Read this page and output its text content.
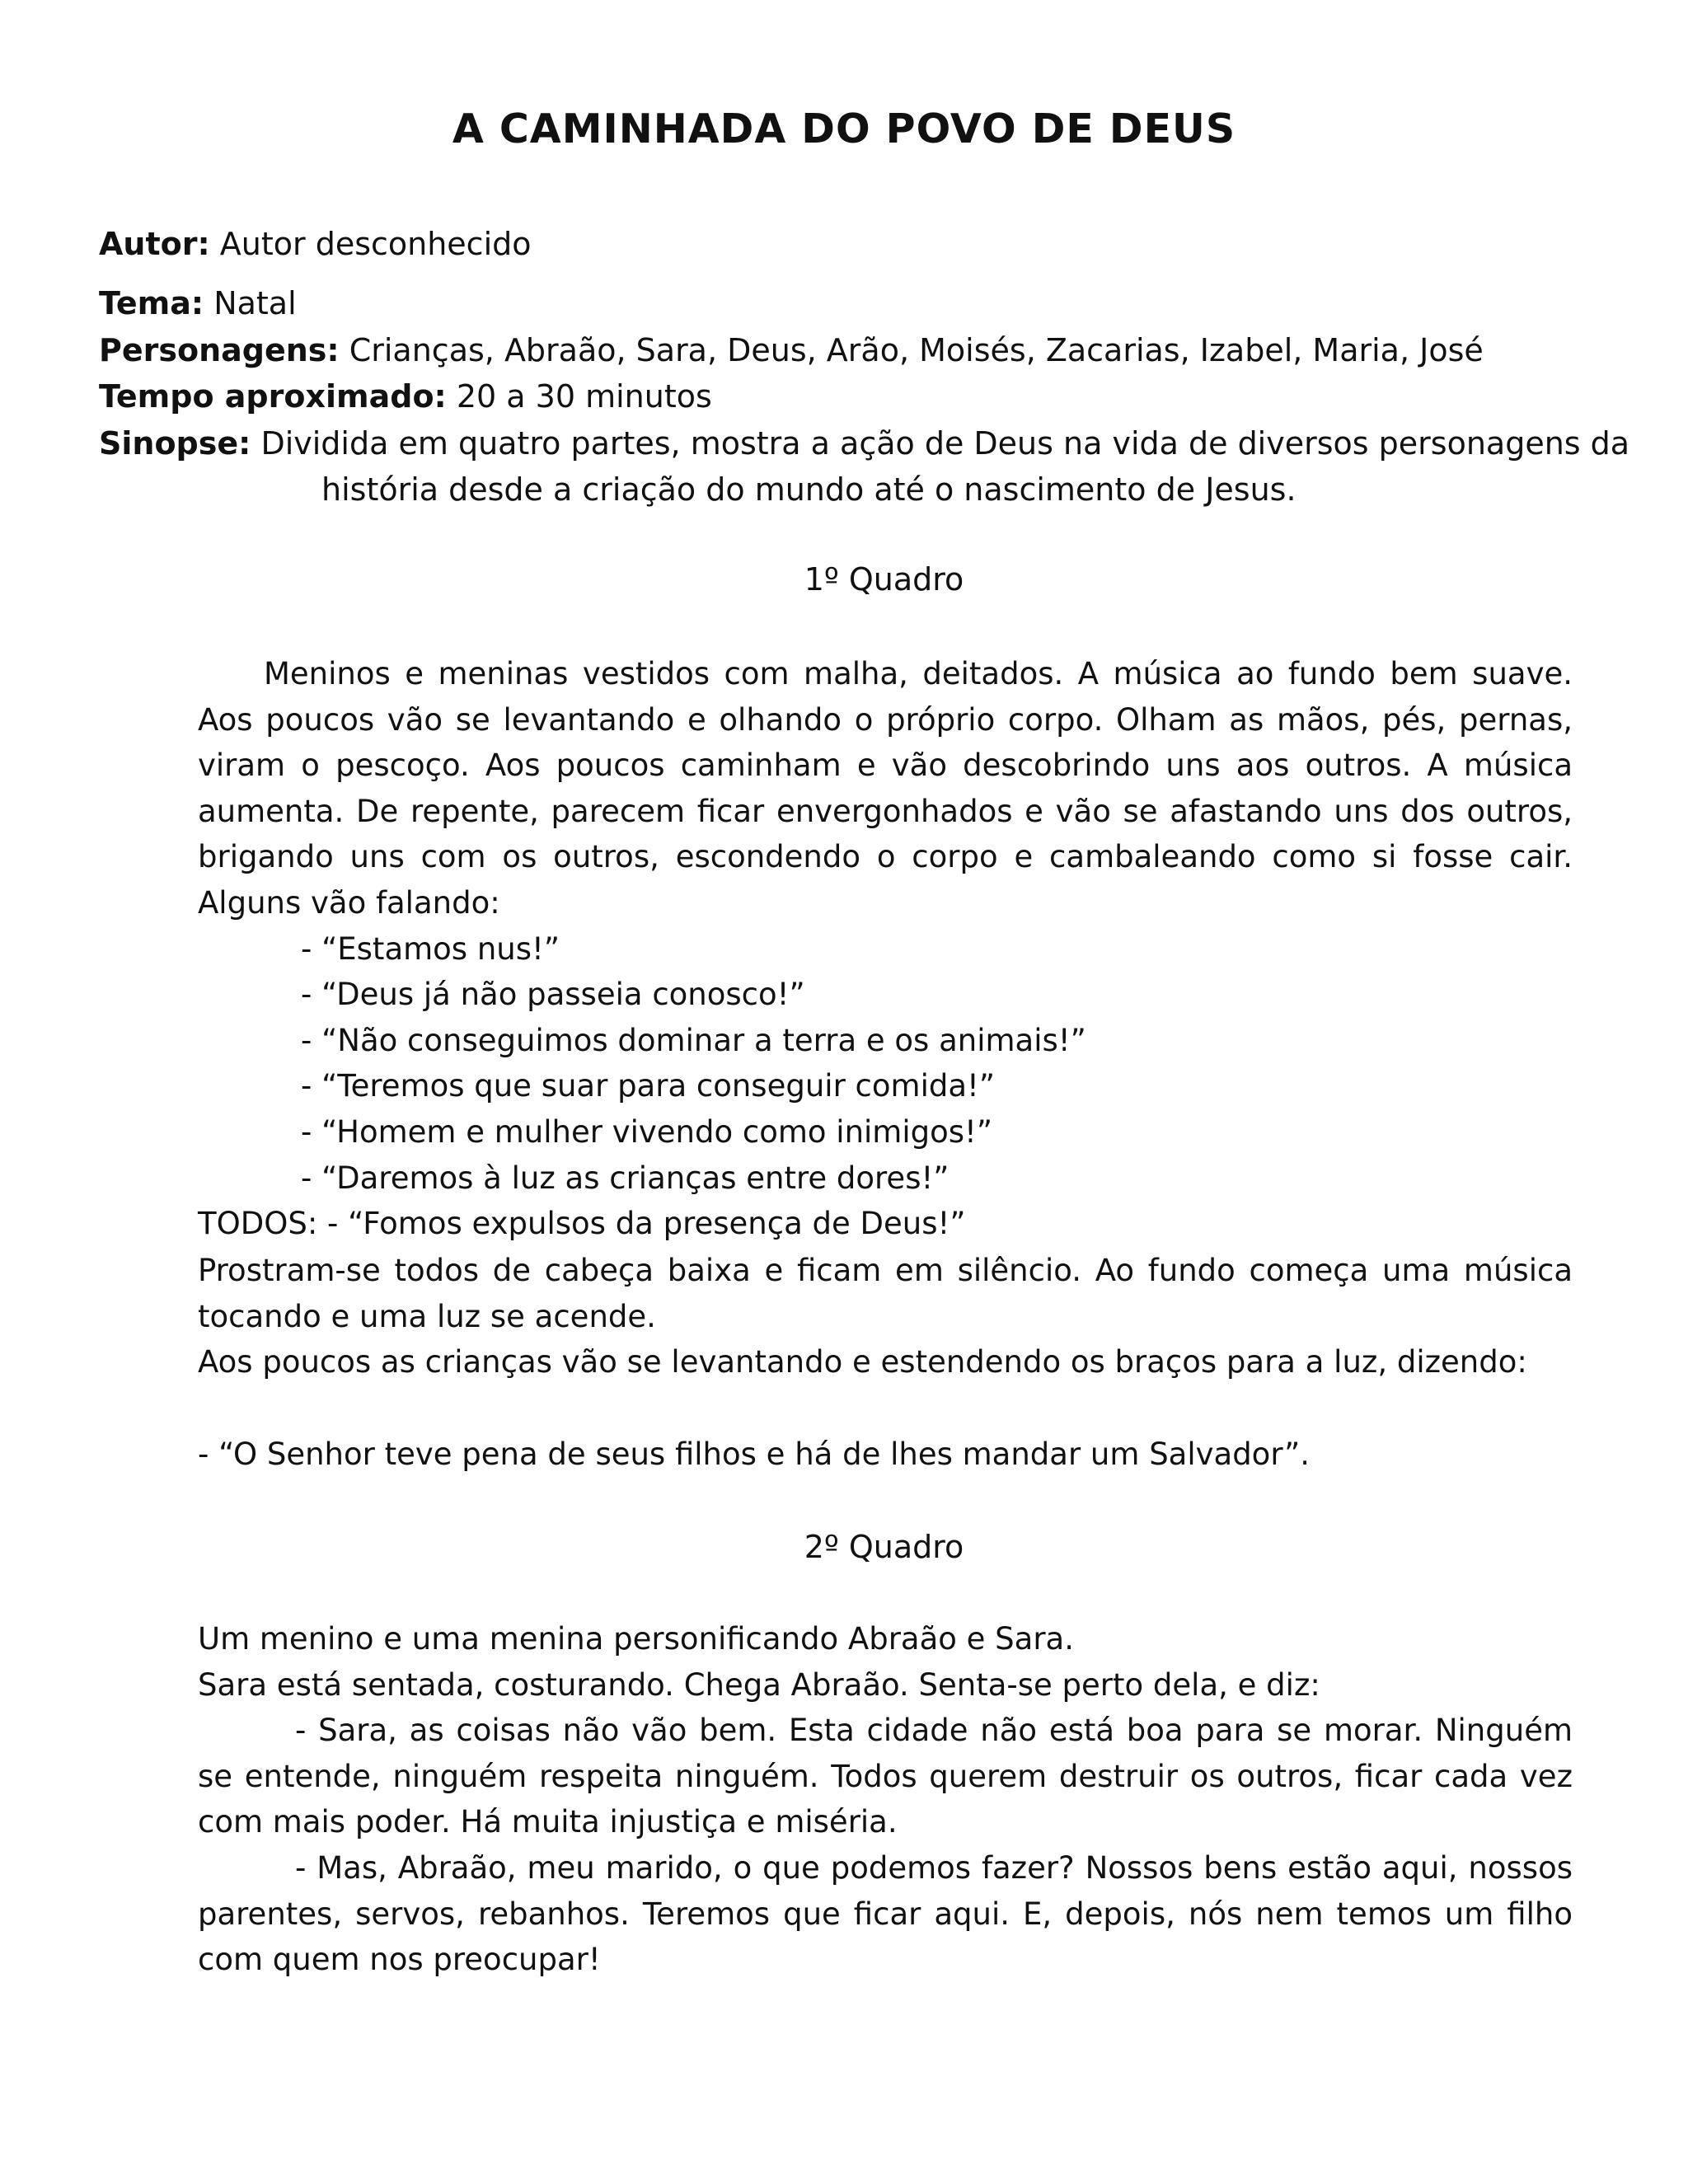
A CAMINHADA DO POVO DE DEUS
Autor: Autor desconhecido
Tema: Natal
Personagens: Crianças, Abraão, Sara, Deus, Arão, Moisés, Zacarias, Izabel, Maria, José
Tempo aproximado: 20 a 30 minutos
Sinopse: Dividida em quatro partes, mostra a ação de Deus na vida de diversos personagens da
história desde a criação do mundo até o nascimento de Jesus.
1º Quadro

Meninos e meninas vestidos com malha, deitados. A música ao fundo bem suave. Aos poucos vão se levantando e olhando o próprio corpo. Olham as mãos, pés, pernas, viram o pescoço. Aos poucos caminham e vão descobrindo uns aos outros. A música aumenta. De repente, parecem ficar envergonhados e vão se afastando uns dos outros, brigando uns com os outros, escondendo o corpo e cambaleando como si fosse cair. Alguns vão falando:

- “Estamos nus!”

- “Deus já não passeia conosco!”

- “Não conseguimos dominar a terra e os animais!”

- “Teremos que suar para conseguir comida!”

- “Homem e mulher vivendo como inimigos!”

- “Daremos à luz as crianças entre dores!”

TODOS: - “Fomos expulsos da presença de Deus!”

Prostram-se todos de cabeça baixa e ficam em silêncio. Ao fundo começa uma música tocando e uma luz se acende.

Aos poucos as crianças vão se levantando e estendendo os braços para a luz, dizendo:

- “O Senhor teve pena de seus filhos e há de lhes mandar um Salvador”.

2º Quadro

Um menino e uma menina personificando Abraão e Sara.

Sara está sentada, costurando. Chega Abraão. Senta-se perto dela, e diz:

- Sara, as coisas não vão bem. Esta cidade não está boa para se morar. Ninguém se entende, ninguém respeita ninguém. Todos querem destruir os outros, ficar cada vez com mais poder. Há muita injustiça e miséria.

- Mas, Abraão, meu marido, o que podemos fazer? Nossos bens estão aqui, nossos parentes, servos, rebanhos. Teremos que ficar aqui. E, depois, nós nem temos um filho com quem nos preocupar!
